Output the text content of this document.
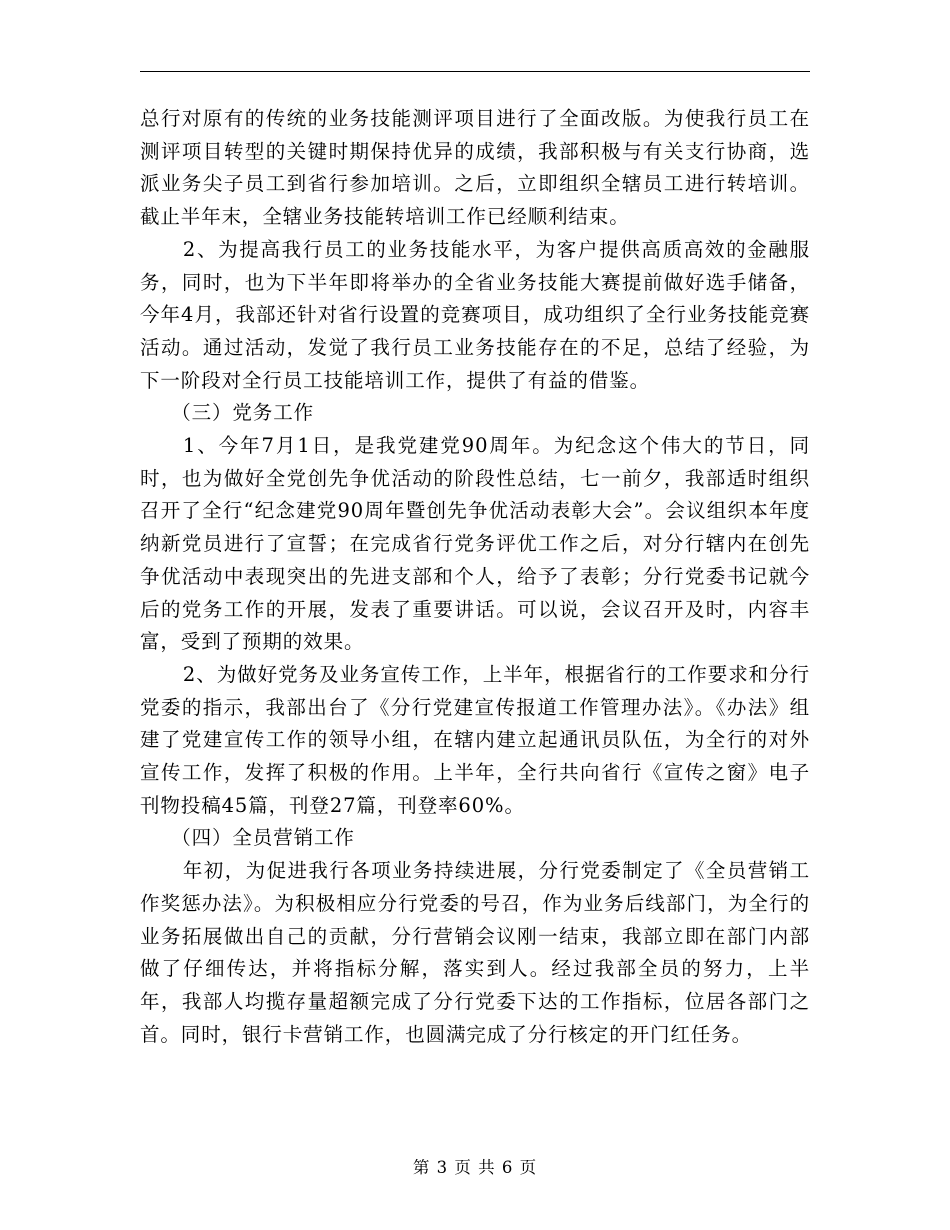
总行对原有的传统的业务技能测评项目进行了全面改版。为使我行员工在测评项目转型的关键时期保持优异的成绩，我部积极与有关支行协商，选派业务尖子员工到省行参加培训。之后，立即组织全辖员工进行转培训。截止半年末，全辖业务技能转培训工作已经顺利结束。

2、为提高我行员工的业务技能水平，为客户提供高质高效的金融服务，同时，也为下半年即将举办的全省业务技能大赛提前做好选手储备，今年4月，我部还针对省行设置的竞赛项目，成功组织了全行业务技能竞赛活动。通过活动，发觉了我行员工业务技能存在的不足，总结了经验，为下一阶段对全行员工技能培训工作，提供了有益的借鉴。

（三）党务工作

1、今年7月1日，是我党建党90周年。为纪念这个伟大的节日，同时，也为做好全党创先争优活动的阶段性总结，七一前夕，我部适时组织召开了全行“纪念建党90周年暨创先争优活动表彰大会”。会议组织本年度纳新党员进行了宣誓；在完成省行党务评优工作之后，对分行辖内在创先争优活动中表现突出的先进支部和个人，给予了表彰；分行党委书记就今后的党务工作的开展，发表了重要讲话。可以说，会议召开及时，内容丰富，受到了预期的效果。

2、为做好党务及业务宣传工作，上半年，根据省行的工作要求和分行党委的指示，我部出台了《分行党建宣传报道工作管理办法》。《办法》组建了党建宣传工作的领导小组，在辖内建立起通讯员队伍，为全行的对外宣传工作，发挥了积极的作用。上半年，全行共向省行《宣传之窗》电子刊物投稿45篇，刊登27篇，刊登率60%。

（四）全员营销工作

年初，为促进我行各项业务持续进展，分行党委制定了《全员营销工作奖惩办法》。为积极相应分行党委的号召，作为业务后线部门，为全行的业务拓展做出自己的贡献，分行营销会议刚一结束，我部立即在部门内部做了仔细传达，并将指标分解，落实到人。经过我部全员的努力，上半年，我部人均揽存量超额完成了分行党委下达的工作指标，位居各部门之首。同时，银行卡营销工作，也圆满完成了分行核定的开门红任务。

第 3 页 共 6 页
